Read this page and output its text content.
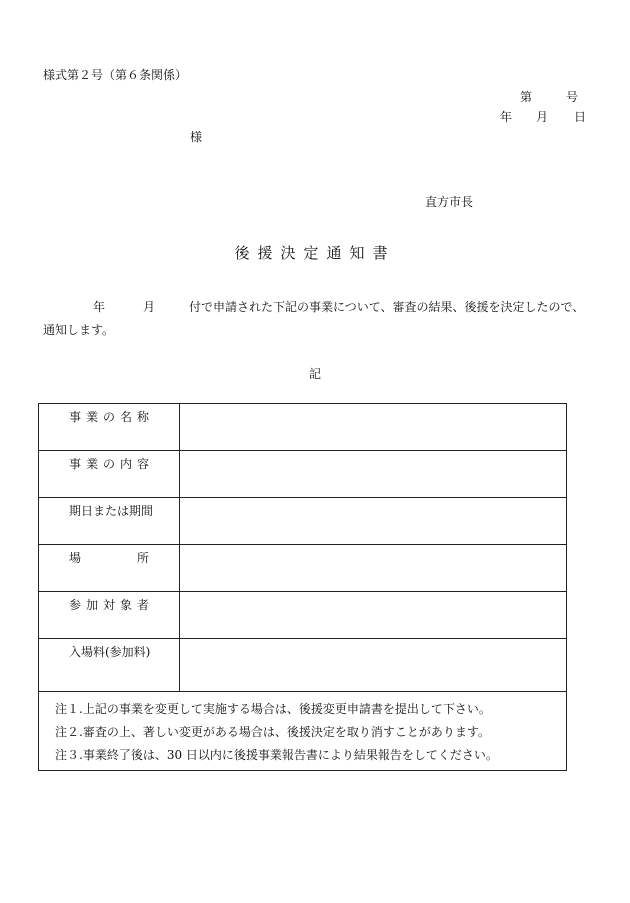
様式第２号（第６条関係）
第	号
年 月 日
様
直方市長
後援決定通知書
年	月	付で申請された下記の事業について、審査の結果、後援を決定したので、
通知します。
記
事業の名称	
事業の内容	
期日または期間	
場所	
参加対象者	
入場料(参加料)	

注１.上記の事業を変更して実施する場合は、後援変更申請書を提出して下さい。
注２.審査の上、著しい変更がある場合は、後援決定を取り消すことがあります。
注３.事業終了後は、30 日以内に後援事業報告書により結果報告をしてください。	
